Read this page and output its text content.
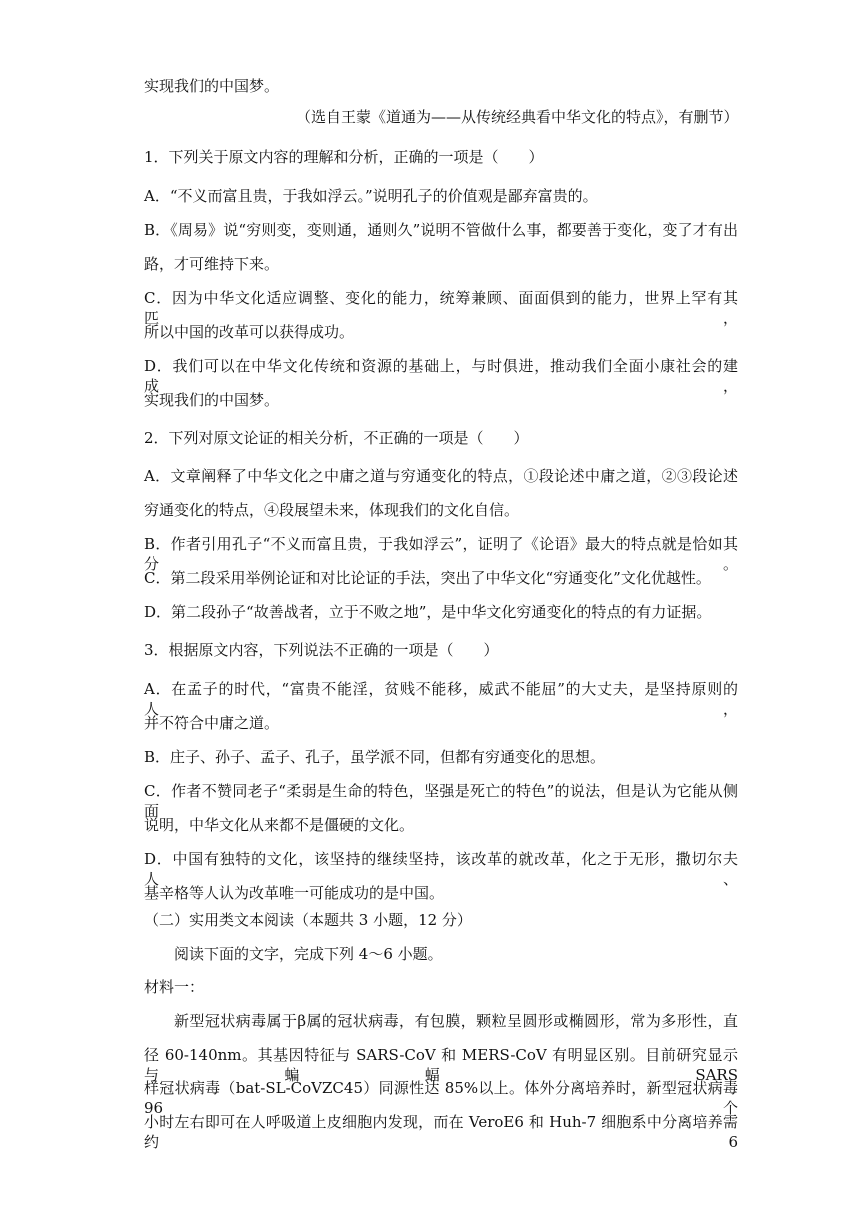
实现我们的中国梦。
（选自王蒙《道通为——从传统经典看中华文化的特点》，有删节）
1．下列关于原文内容的理解和分析，正确的一项是（　　）
A．“不义而富且贵，于我如浮云。”说明孔子的价值观是鄙弃富贵的。
B．《周易》说“穷则变，变则通，通则久”说明不管做什么事，都要善于变化，变了才有出
路，才可维持下来。
C．因为中华文化适应调整、变化的能力，统筹兼顾、面面俱到的能力，世界上罕有其匹，
所以中国的改革可以获得成功。
D．我们可以在中华文化传统和资源的基础上，与时俱进，推动我们全面小康社会的建成，
实现我们的中国梦。
2．下列对原文论证的相关分析，不正确的一项是（　　）
A．文章阐释了中华文化之中庸之道与穷通变化的特点，①段论述中庸之道，②③段论述
穷通变化的特点，④段展望未来，体现我们的文化自信。
B．作者引用孔子“不义而富且贵，于我如浮云”，证明了《论语》最大的特点就是恰如其分。
C．第二段采用举例论证和对比论证的手法，突出了中华文化“穷通变化”文化优越性。
D．第二段孙子“故善战者，立于不败之地”，是中华文化穷通变化的特点的有力证据。
3．根据原文内容，下列说法不正确的一项是（　　）
A．在孟子的时代，“富贵不能淫，贫贱不能移，威武不能屈”的大丈夫，是坚持原则的人，
并不符合中庸之道。
B．庄子、孙子、孟子、孔子，虽学派不同，但都有穷通变化的思想。
C．作者不赞同老子“柔弱是生命的特色，坚强是死亡的特色”的说法，但是认为它能从侧面
说明，中华文化从来都不是僵硬的文化。
D．中国有独特的文化，该坚持的继续坚持，该改革的就改革，化之于无形，撒切尔夫人、
基辛格等人认为改革唯一可能成功的是中国。
（二）实用类文本阅读（本题共 3 小题，12 分）
阅读下面的文字，完成下列 4～6 小题。
材料一：
新型冠状病毒属于β属的冠状病毒，有包膜，颗粒呈圆形或椭圆形，常为多形性，直
径 60-140nm。其基因特征与 SARS-CoV 和 MERS-CoV 有明显区别。目前研究显示与蝙蝠 SARS
样冠状病毒（bat-SL-CoVZC45）同源性达 85%以上。体外分离培养时，新型冠状病毒 96 个
小时左右即可在人呼吸道上皮细胞内发现，而在 VeroE6 和 Huh-7 细胞系中分离培养需约 6
